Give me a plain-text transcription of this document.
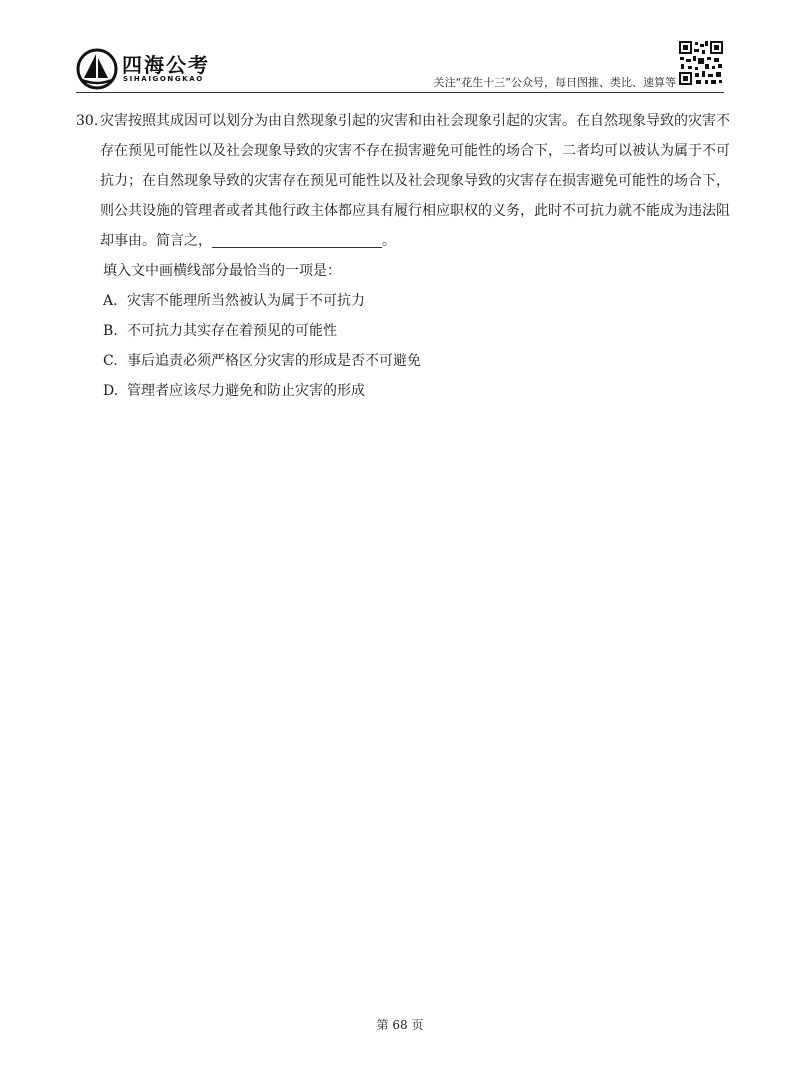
四海公考
SIHAIGONGKAO	关注“花生十三”公众号，每日图推、类比、速算等
30. 灾害按照其成因可以划分为由自然现象引起的灾害和由社会现象引起的灾害。在自然现象导致的灾害不存在预见可能性以及社会现象导致的灾害不存在损害避免可能性的场合下，二者均可以被认为属于不可抗力；在自然现象导致的灾害存在预见可能性以及社会现象导致的灾害存在损害避免可能性的场合下，则公共设施的管理者或者其他行政主体都应具有履行相应职权的义务，此时不可抗力就不能成为违法阻却事由。简言之，	。
填入文中画横线部分最恰当的一项是：
A. 灾害不能理所当然被认为属于不可抗力
B. 不可抗力其实存在着预见的可能性
C. 事后追责必须严格区分灾害的形成是否不可避免
D. 管理者应该尽力避免和防止灾害的形成
第 68 页
